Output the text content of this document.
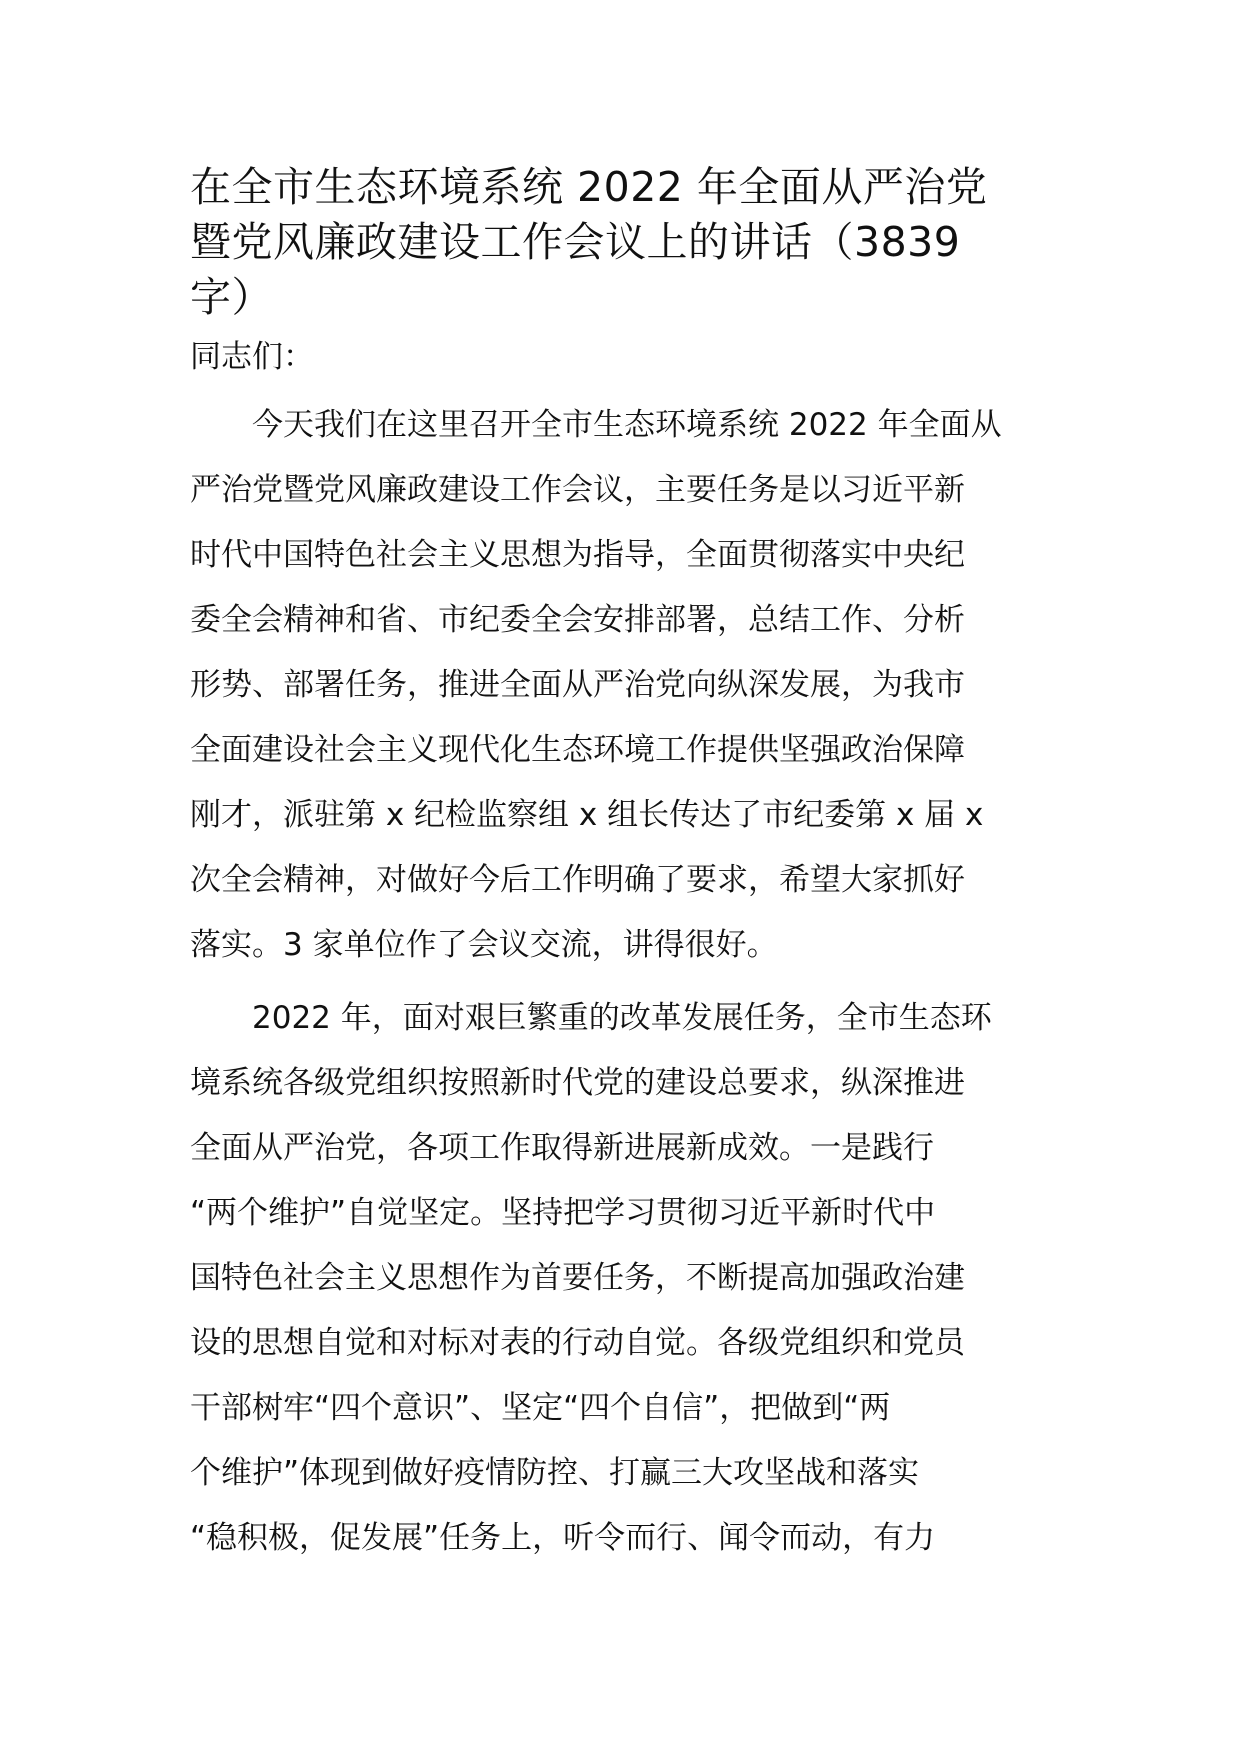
在全市生态环境系统 2022 年全面从严治党
暨党风廉政建设工作会议上的讲话（3839
字）

同志们：

今天我们在这里召开全市生态环境系统 2022 年全面从
严治党暨党风廉政建设工作会议，主要任务是以习近平新
时代中国特色社会主义思想为指导，全面贯彻落实中央纪
委全会精神和省、市纪委全会安排部署，总结工作、分析
形势、部署任务，推进全面从严治党向纵深发展，为我市
全面建设社会主义现代化生态环境工作提供坚强政治保障
刚才，派驻第 x 纪检监察组 x 组长传达了市纪委第 x 届 x
次全会精神，对做好今后工作明确了要求，希望大家抓好
落实。3 家单位作了会议交流，讲得很好。
2022 年，面对艰巨繁重的改革发展任务，全市生态环
境系统各级党组织按照新时代党的建设总要求，纵深推进
全面从严治党，各项工作取得新进展新成效。一是践行
“两个维护”自觉坚定。坚持把学习贯彻习近平新时代中
国特色社会主义思想作为首要任务，不断提高加强政治建
设的思想自觉和对标对表的行动自觉。各级党组织和党员
干部树牢“四个意识”、坚定“四个自信”，把做到“两
个维护”体现到做好疫情防控、打赢三大攻坚战和落实
“稳积极，促发展”任务上，听令而行、闻令而动，有力
